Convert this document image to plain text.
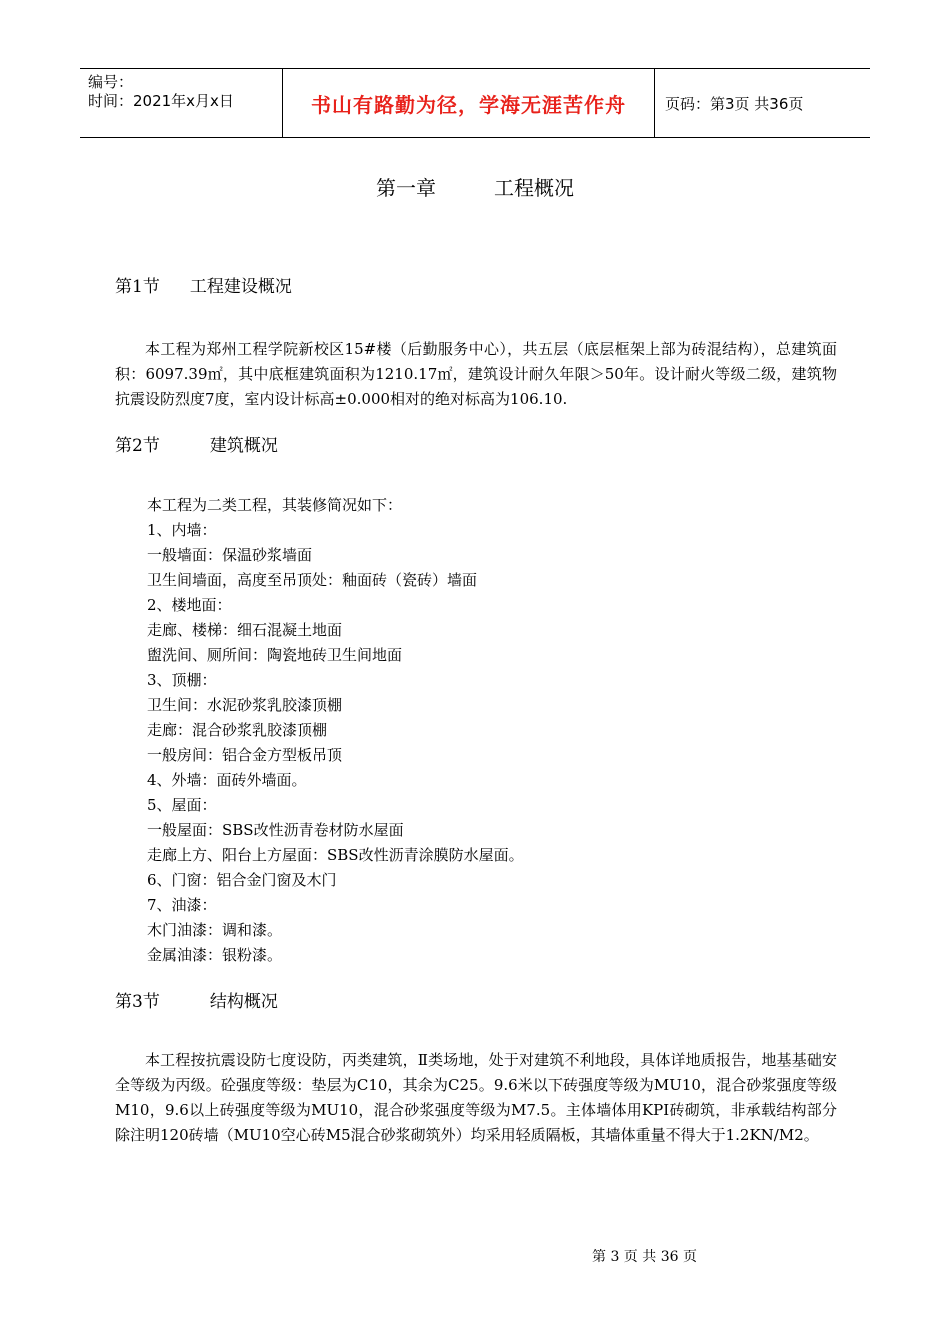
编号：
时间：2021年x月x日	书山有路勤为径，学海无涯苦作舟	页码：第3页 共36页
第一章	工程概况
第1节 工程建设概况

本工程为郑州工程学院新校区15#楼（后勤服务中心），共五层（底层框架上部为砖混结构），总建筑面积：6097.39㎡，其中底框建筑面积为1210.17㎡，建筑设计耐久年限＞50年。设计耐火等级二级，建筑物抗震设防烈度7度，室内设计标高±0.000相对的绝对标高为106.10.

第2节	建筑概况
本工程为二类工程，其装修简况如下：
1、内墙：
一般墙面：保温砂浆墙面
卫生间墙面，高度至吊顶处：釉面砖（瓷砖）墙面
2、楼地面：
走廊、楼梯：细石混凝土地面
盥洗间、厕所间：陶瓷地砖卫生间地面
3、顶棚：
卫生间：水泥砂浆乳胶漆顶棚
走廊：混合砂浆乳胶漆顶棚
一般房间：铝合金方型板吊顶
4、外墙：面砖外墙面。
5、屋面：
一般屋面：SBS改性沥青卷材防水屋面
走廊上方、阳台上方屋面：SBS改性沥青涂膜防水屋面。
6、门窗：铝合金门窗及木门
7、油漆：
木门油漆：调和漆。
金属油漆：银粉漆。
第3节	结构概况

本工程按抗震设防七度设防，丙类建筑，Ⅱ类场地，处于对建筑不利地段，具体详地质报告，地基基础安全等级为丙级。砼强度等级：垫层为C10，其余为C25。9.6米以下砖强度等级为MU10，混合砂浆强度等级M10，9.6以上砖强度等级为MU10，混合砂浆强度等级为M7.5。主体墙体用KPI砖砌筑，非承载结构部分除注明120砖墙（MU10空心砖M5混合砂浆砌筑外）均采用轻质隔板，其墙体重量不得大于1.2KN/M2。

第 3 页 共 36 页
